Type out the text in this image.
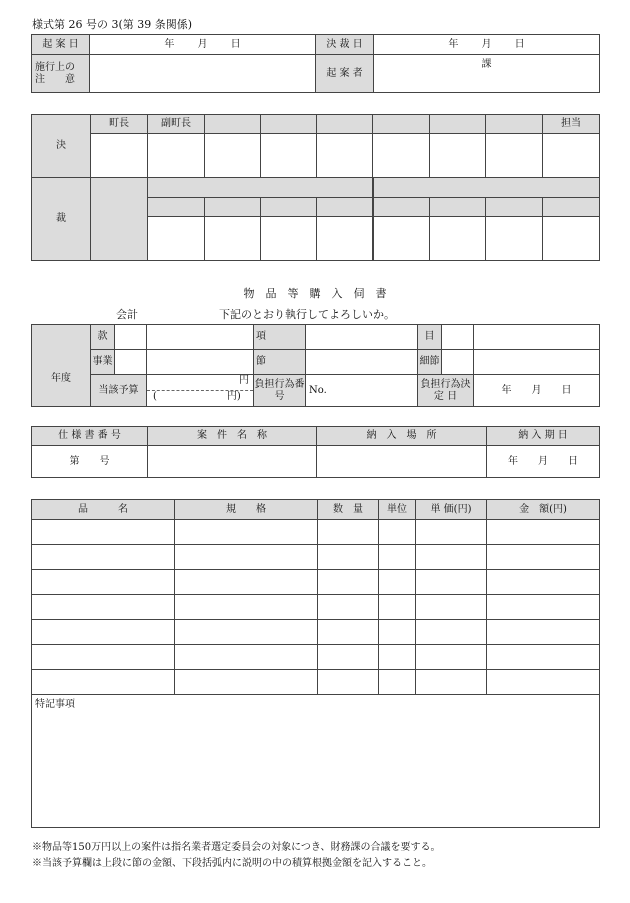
様式第 26 号の 3(第 39 条関係)
起 案 日	年　　 月　　 日	決 裁 日	年　　 月　　 日

施行上の
注　　意		起 案 者	課
決	町長	副町長							担当

裁									

物　品　等　購　入　伺　書
会計	下記のとおり執行してよろしいか。
年度	款			項		目		
	事業			節		細節		
	当該予算		円
(　　　　　　　円)	負担行為番　号	No.	負担行為決 定 日		年　　月　　日
仕 様 書 番 号	案　件　名　称	納　入　場　所	納 入 期 日
第　　号			年　　月　　日
品　　　名	規　　格	数　量	単位	単 価(円)	金　額(円)

特記事項					
※物品等150万円以上の案件は指名業者選定委員会の対象につき、財務課の合議を要する。
※当該予算欄は上段に節の金額、下段括弧内に説明の中の積算根拠金額を記入すること。
